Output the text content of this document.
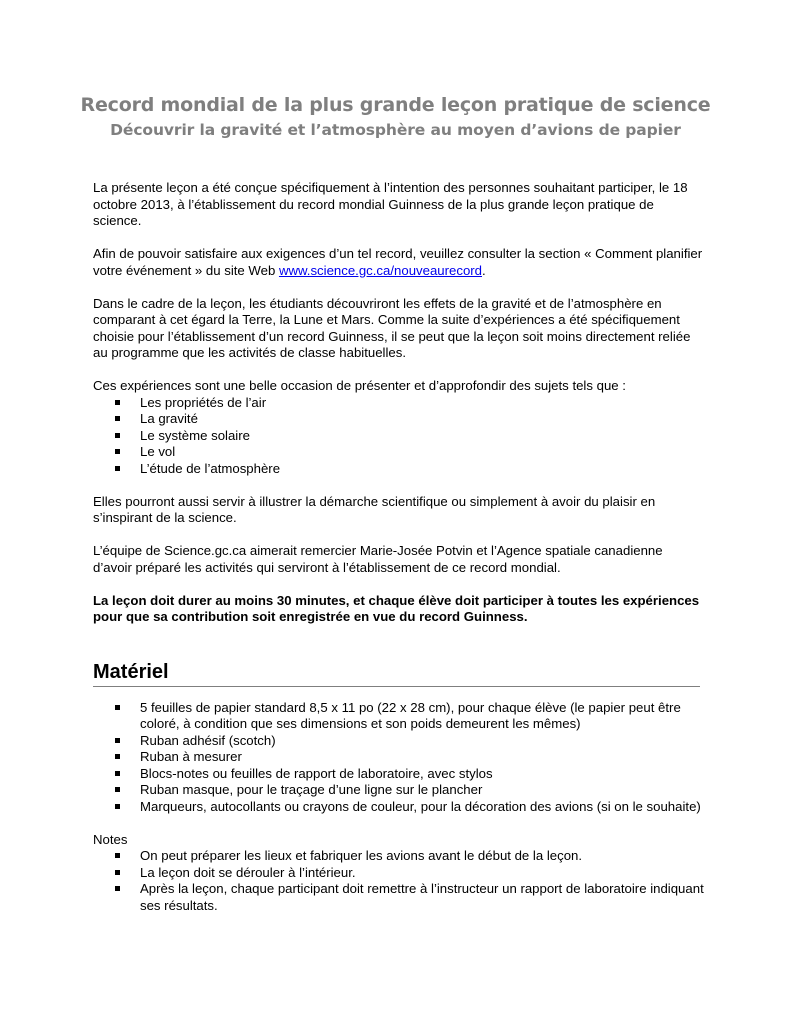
Record mondial de la plus grande leçon pratique de science
Découvrir la gravité et l’atmosphère au moyen d’avions de papier

La présente leçon a été conçue spécifiquement à l’intention des personnes souhaitant participer, le 18 octobre 2013, à l’établissement du record mondial Guinness de la plus grande leçon pratique de science.

Afin de pouvoir satisfaire aux exigences d’un tel record, veuillez consulter la section « Comment planifier votre événement » du site Web www.science.gc.ca/nouveaurecord.

Dans le cadre de la leçon, les étudiants découvriront les effets de la gravité et de l’atmosphère en comparant à cet égard la Terre, la Lune et Mars. Comme la suite d’expériences a été spécifiquement choisie pour l’établissement d’un record Guinness, il se peut que la leçon soit moins directement reliée au programme que les activités de classe habituelles.

Ces expériences sont une belle occasion de présenter et d’approfondir des sujets tels que :

Les propriétés de l’air
La gravité
Le système solaire
Le vol
L’étude de l’atmosphère

Elles pourront aussi servir à illustrer la démarche scientifique ou simplement à avoir du plaisir en s’inspirant de la science.

L’équipe de Science.gc.ca aimerait remercier Marie-Josée Potvin et l’Agence spatiale canadienne d’avoir préparé les activités qui serviront à l’établissement de ce record mondial.

La leçon doit durer au moins 30 minutes, et chaque élève doit participer à toutes les expériences pour que sa contribution soit enregistrée en vue du record Guinness.

Matériel
5 feuilles de papier standard 8,5 x 11 po (22 x 28 cm), pour chaque élève (le papier peut être coloré, à condition que ses dimensions et son poids demeurent les mêmes)
Ruban adhésif (scotch)
Ruban à mesurer
Blocs-notes ou feuilles de rapport de laboratoire, avec stylos
Ruban masque, pour le traçage d’une ligne sur le plancher
Marqueurs, autocollants ou crayons de couleur, pour la décoration des avions (si on le souhaite)

Notes

On peut préparer les lieux et fabriquer les avions avant le début de la leçon.
La leçon doit se dérouler à l’intérieur.
Après la leçon, chaque participant doit remettre à l’instructeur un rapport de laboratoire indiquant ses résultats.
